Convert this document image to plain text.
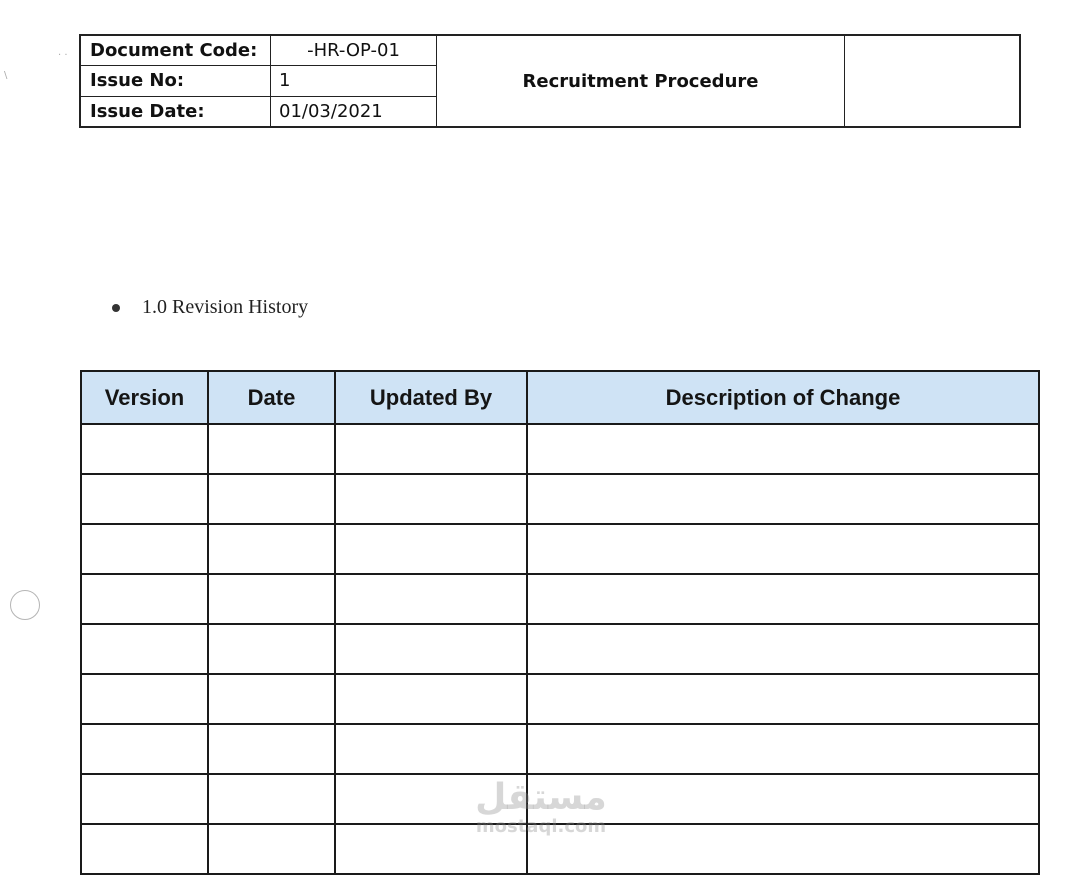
· ·
\
Document Code:	-HR-OP-01
Issue No:	1
Issue Date:	01/03/2021
Recruitment Procedure
1.0 Revision History
Version	Date	Updated By	Description of Change

مستقل
mostaql.com
